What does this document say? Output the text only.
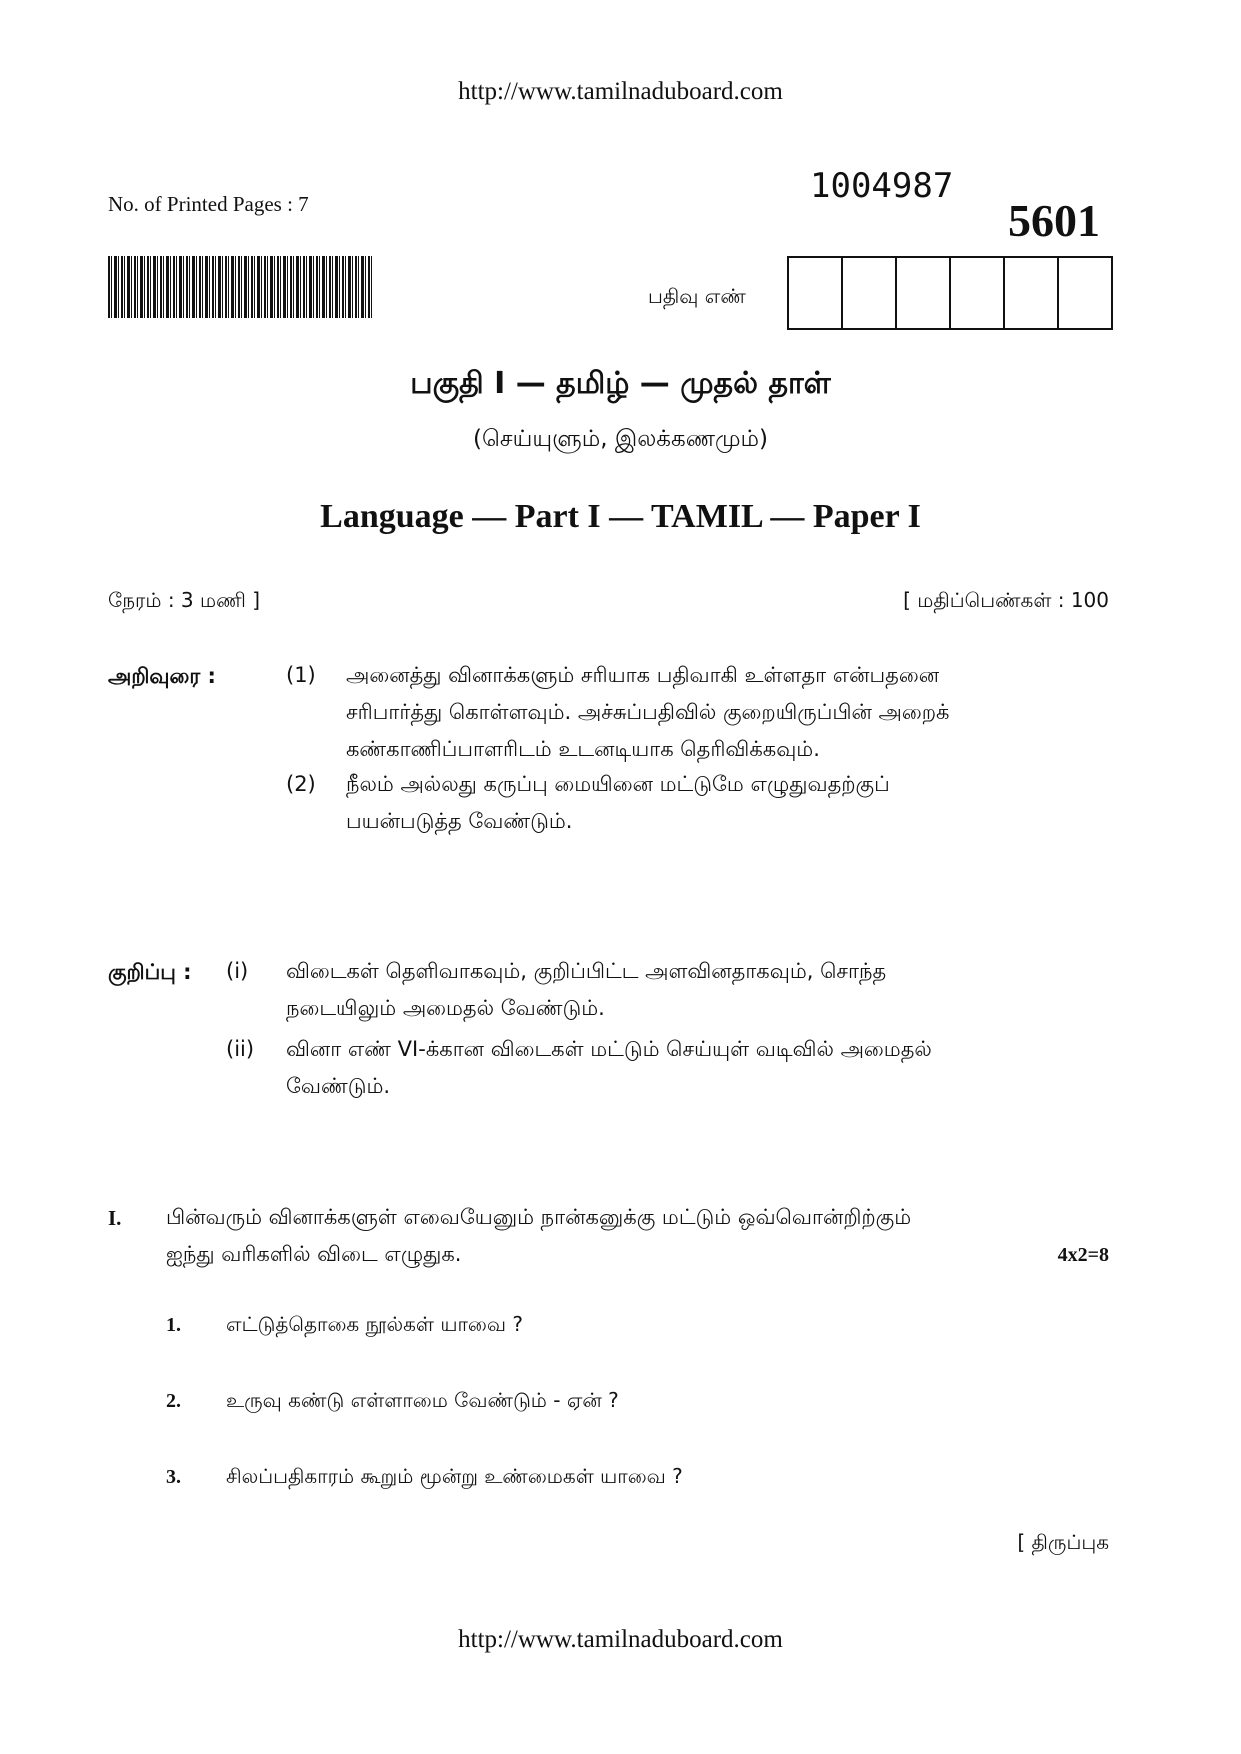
http://www.tamilnaduboard.com
No. of Printed Pages : 7	1004987
5601
பதிவு எண்
பகுதி I — தமிழ் — முதல் தாள்
(செய்யுளும், இலக்கணமும்)
Language — Part I — TAMIL — Paper I
நேரம் : 3 மணி ]	[ மதிப்பெண்கள் : 100
அறிவுரை :	(1) அனைத்து வினாக்களும் சரியாக பதிவாகி உள்ளதா என்பதனை
சரிபார்த்து கொள்ளவும். அச்சுப்பதிவில் குறையிருப்பின் அறைக்
கண்காணிப்பாளரிடம் உடனடியாக தெரிவிக்கவும்.
(2) நீலம் அல்லது கருப்பு மையினை மட்டுமே எழுதுவதற்குப்
பயன்படுத்த வேண்டும்.
குறிப்பு : (i) விடைகள் தெளிவாகவும், குறிப்பிட்ட அளவினதாகவும், சொந்த
நடையிலும் அமைதல் வேண்டும்.
(ii) வினா எண் VI-க்கான விடைகள் மட்டும் செய்யுள் வடிவில் அமைதல்
வேண்டும்.
I. பின்வரும் வினாக்களுள் எவையேனும் நான்கனுக்கு மட்டும் ஒவ்வொன்றிற்கும்
ஐந்து வரிகளில் விடை எழுதுக.	4x2=8
1. எட்டுத்தொகை நூல்கள் யாவை ?
2. உருவு கண்டு எள்ளாமை வேண்டும் - ஏன் ?
3. சிலப்பதிகாரம் கூறும் மூன்று உண்மைகள் யாவை ?
[ திருப்புக
http://www.tamilnaduboard.com
